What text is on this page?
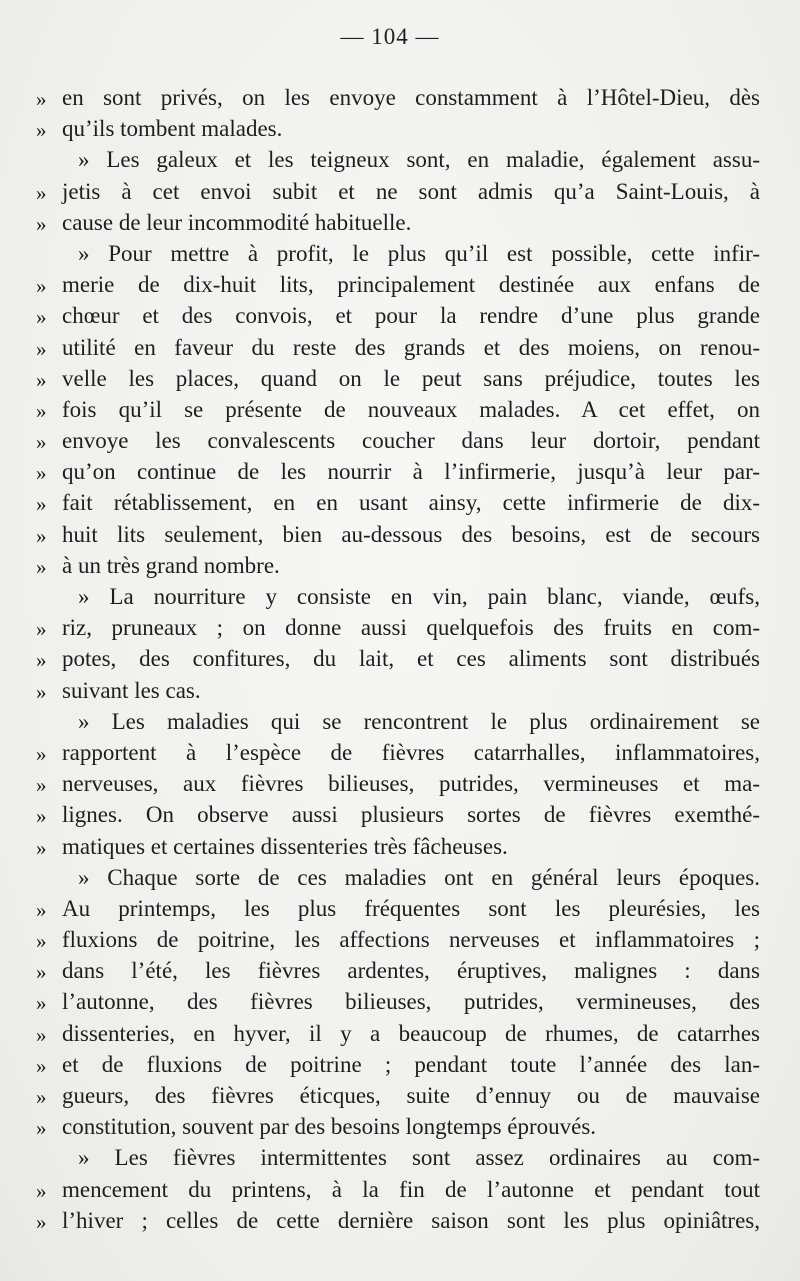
— 104 —
» en sont privés, on les envoye constamment à l’Hôtel-Dieu, dès
» qu’ils tombent malades.
» Les galeux et les teigneux sont, en maladie, également assu-
» jetis à cet envoi subit et ne sont admis qu’a Saint-Louis, à
» cause de leur incommodité habituelle.
» Pour mettre à profit, le plus qu’il est possible, cette infir-
» merie de dix-huit lits, principalement destinée aux enfans de
» chœur et des convois, et pour la rendre d’une plus grande
» utilité en faveur du reste des grands et des moiens, on renou-
» velle les places, quand on le peut sans préjudice, toutes les
» fois qu’il se présente de nouveaux malades. A cet effet, on
» envoye les convalescents coucher dans leur dortoir, pendant
» qu’on continue de les nourrir à l’infirmerie, jusqu’à leur par-
» fait rétablissement, en en usant ainsy, cette infirmerie de dix-
» huit lits seulement, bien au-dessous des besoins, est de secours
» à un très grand nombre.
» La nourriture y consiste en vin, pain blanc, viande, œufs,
» riz, pruneaux ; on donne aussi quelquefois des fruits en com-
» potes, des confitures, du lait, et ces aliments sont distribués
» suivant les cas.
» Les maladies qui se rencontrent le plus ordinairement se
» rapportent à l’espèce de fièvres catarrhalles, inflammatoires,
» nerveuses, aux fièvres bilieuses, putrides, vermineuses et ma-
» lignes. On observe aussi plusieurs sortes de fièvres exemthé-
» matiques et certaines dissenteries très fâcheuses.
» Chaque sorte de ces maladies ont en général leurs époques.
» Au printemps, les plus fréquentes sont les pleurésies, les
» fluxions de poitrine, les affections nerveuses et inflammatoires ;
» dans l’été, les fièvres ardentes, éruptives, malignes : dans
» l’autonne, des fièvres bilieuses, putrides, vermineuses, des
» dissenteries, en hyver, il y a beaucoup de rhumes, de catarrhes
» et de fluxions de poitrine ; pendant toute l’année des lan-
» gueurs, des fièvres éticques, suite d’ennuy ou de mauvaise
» constitution, souvent par des besoins longtemps éprouvés.
» Les fièvres intermittentes sont assez ordinaires au com-
» mencement du printens, à la fin de l’autonne et pendant tout
» l’hiver ; celles de cette dernière saison sont les plus opiniâtres,
